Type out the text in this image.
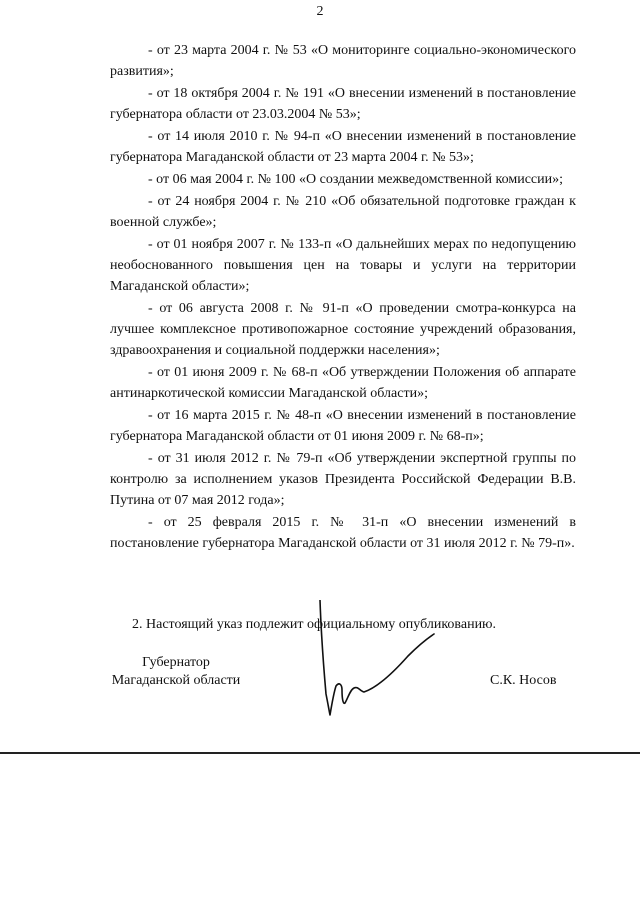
2

- от 23 марта 2004 г. № 53 «О мониторинге социально-экономического развития»;

- от 18 октября 2004 г. № 191 «О внесении изменений в постановление губернатора области от 23.03.2004 № 53»;

- от 14 июля 2010 г. № 94-п «О внесении изменений в постановление губернатора Магаданской области от 23 марта 2004 г. № 53»;

- от 06 мая 2004 г. № 100 «О создании межведомственной комиссии»;

- от 24 ноября 2004 г. № 210 «Об обязательной подготовке граждан к военной службе»;

- от 01 ноября 2007 г. № 133-п «О дальнейших мерах по недопущению необоснованного повышения цен на товары и услуги на территории Магаданской области»;

- от 06 августа 2008 г. № 91-п «О проведении смотра-конкурса на лучшее комплексное противопожарное состояние учреждений образования, здравоохранения и социальной поддержки населения»;

- от 01 июня 2009 г. № 68-п «Об утверждении Положения об аппарате антинаркотической комиссии Магаданской области»;

- от 16 марта 2015 г. № 48-п «О внесении изменений в постановление губернатора Магаданской области от 01 июня 2009 г. № 68-п»;

- от 31 июля 2012 г. № 79-п «Об утверждении экспертной группы по контролю за исполнением указов Президента Российской Федерации В.В. Путина от 07 мая 2012 года»;

- от 25 февраля 2015 г. № 31-п «О внесении изменений в постановление губернатора Магаданской области от 31 июля 2012 г. № 79-п».

2. Настоящий указ подлежит официальному опубликованию.
Губернатор
Магаданской области	С.К. Носов
